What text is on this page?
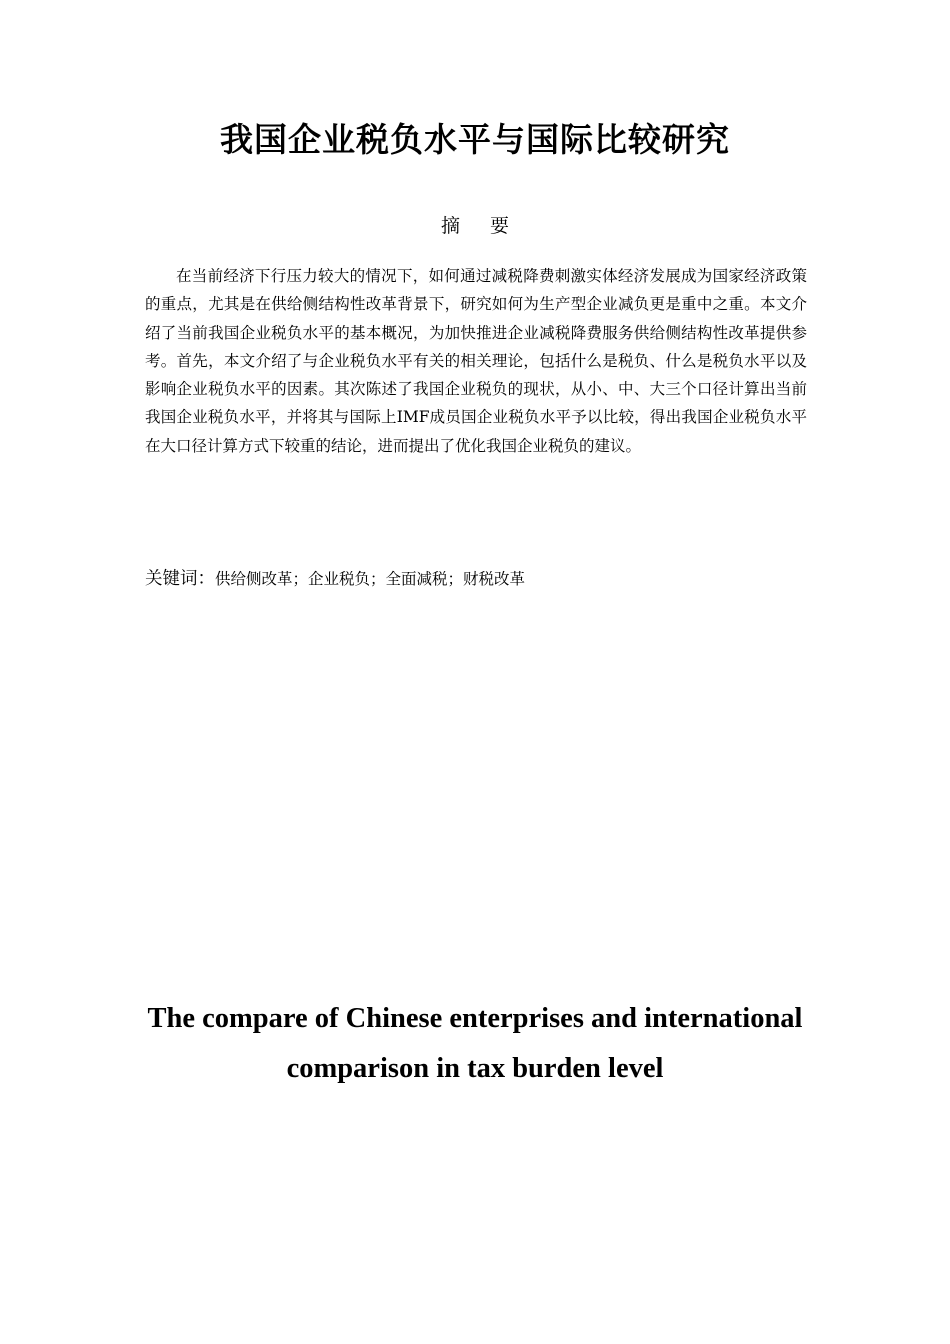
我国企业税负水平与国际比较研究
摘 要

在当前经济下行压力较大的情况下，如何通过减税降费刺激实体经济发展成为国家经济政策的重点，尤其是在供给侧结构性改革背景下，研究如何为生产型企业减负更是重中之重。本文介绍了当前我国企业税负水平的基本概况，为加快推进企业减税降费服务供给侧结构性改革提供参考。首先，本文介绍了与企业税负水平有关的相关理论，包括什么是税负、什么是税负水平以及影响企业税负水平的因素。其次陈述了我国企业税负的现状，从小、中、大三个口径计算出当前我国企业税负水平，并将其与国际上IMF成员国企业税负水平予以比较，得出我国企业税负水平在大口径计算方式下较重的结论，进而提出了优化我国企业税负的建议。

关键词：供给侧改革；企业税负；全面减税；财税改革
The compare of Chinese enterprises and international comparison in tax burden level
